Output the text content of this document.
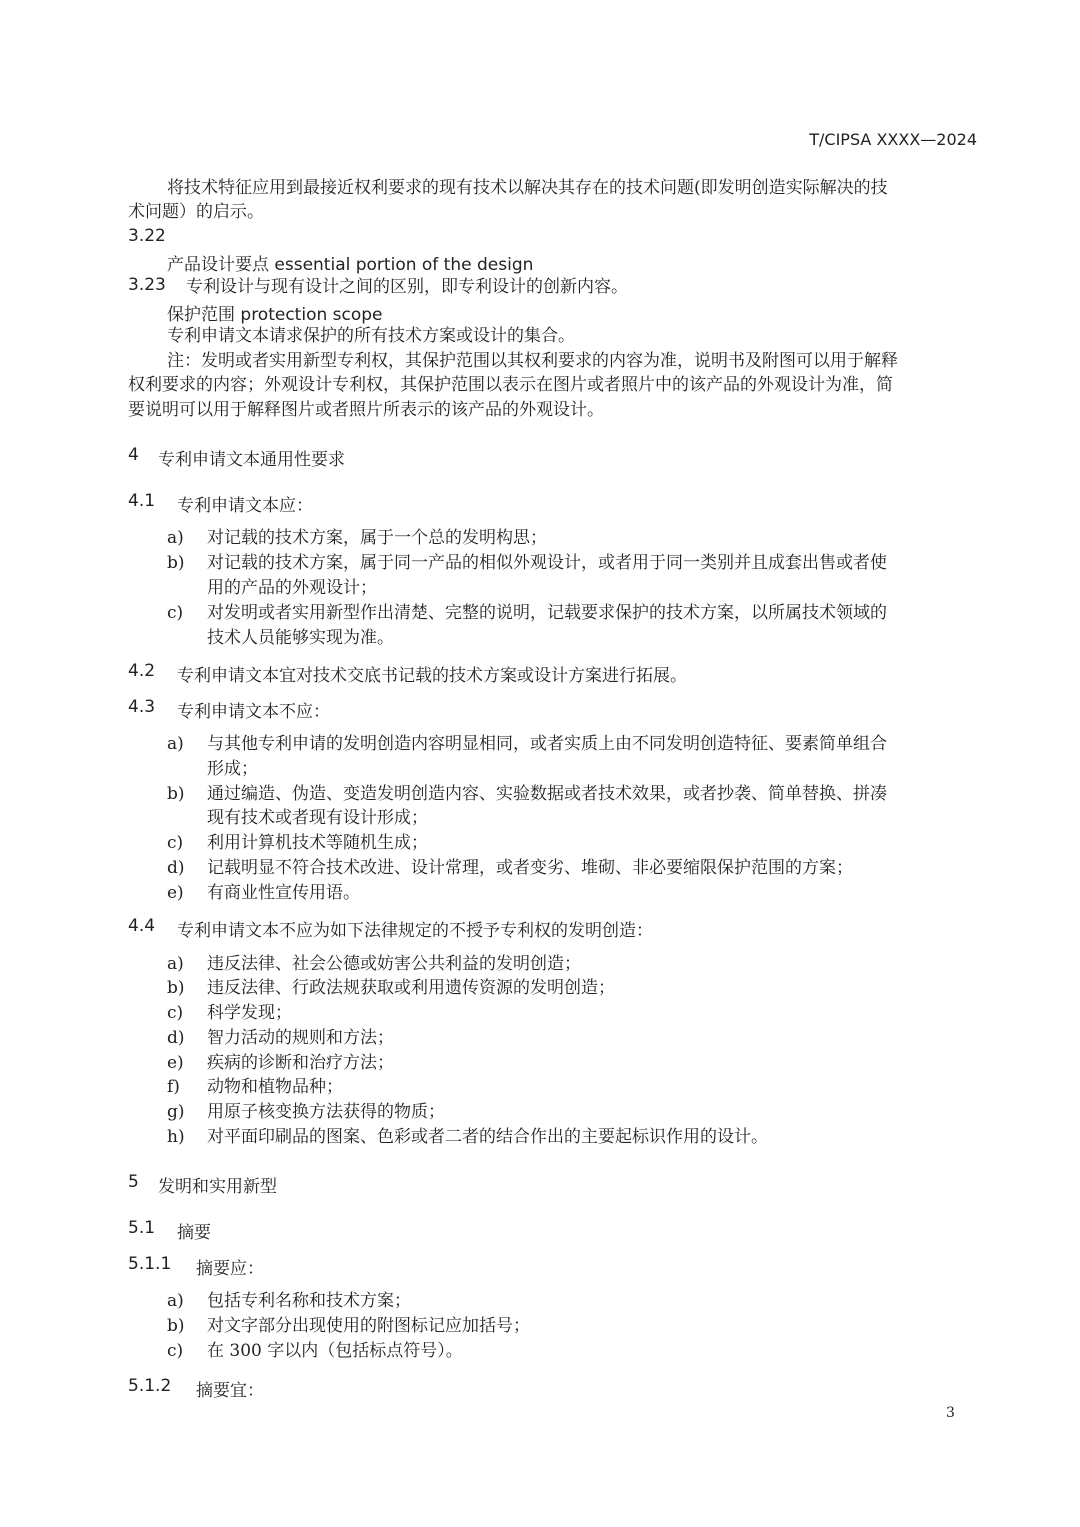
T/CIPSA XXXX—2024
将技术特征应用到最接近权利要求的现有技术以解决其存在的技术问题(即发明创造实际解决的技
术问题）的启示。
3.22
产品设计要点 essential portion of the design
3.23 专利设计与现有设计之间的区别，即专利设计的创新内容。
保护范围 protection scope
专利申请文本请求保护的所有技术方案或设计的集合。
注：发明或者实用新型专利权，其保护范围以其权利要求的内容为准，说明书及附图可以用于解释
权利要求的内容；外观设计专利权，其保护范围以表示在图片或者照片中的该产品的外观设计为准，简
要说明可以用于解释图片或者照片所表示的该产品的外观设计。
4 专利申请文本通用性要求
4.1 专利申请文本应：
a) 对记载的技术方案，属于一个总的发明构思；
b) 对记载的技术方案，属于同一产品的相似外观设计，或者用于同一类别并且成套出售或者使
用的产品的外观设计；
c) 对发明或者实用新型作出清楚、完整的说明，记载要求保护的技术方案，以所属技术领域的
技术人员能够实现为准。
4.2 专利申请文本宜对技术交底书记载的技术方案或设计方案进行拓展。
4.3 专利申请文本不应：
a) 与其他专利申请的发明创造内容明显相同，或者实质上由不同发明创造特征、要素简单组合
形成；
b) 通过编造、伪造、变造发明创造内容、实验数据或者技术效果，或者抄袭、简单替换、拼凑
现有技术或者现有设计形成；
c) 利用计算机技术等随机生成；
d) 记载明显不符合技术改进、设计常理，或者变劣、堆砌、非必要缩限保护范围的方案；
e) 有商业性宣传用语。
4.4 专利申请文本不应为如下法律规定的不授予专利权的发明创造：
a) 违反法律、社会公德或妨害公共利益的发明创造；
b) 违反法律、行政法规获取或利用遗传资源的发明创造；
c) 科学发现；
d) 智力活动的规则和方法；
e) 疾病的诊断和治疗方法；
f) 动物和植物品种；
g) 用原子核变换方法获得的物质；
h) 对平面印刷品的图案、色彩或者二者的结合作出的主要起标识作用的设计。
5 发明和实用新型
5.1 摘要
5.1.1 摘要应：
a) 包括专利名称和技术方案；
b) 对文字部分出现使用的附图标记应加括号；
c) 在 300 字以内（包括标点符号）。
5.1.2 摘要宜：
3
